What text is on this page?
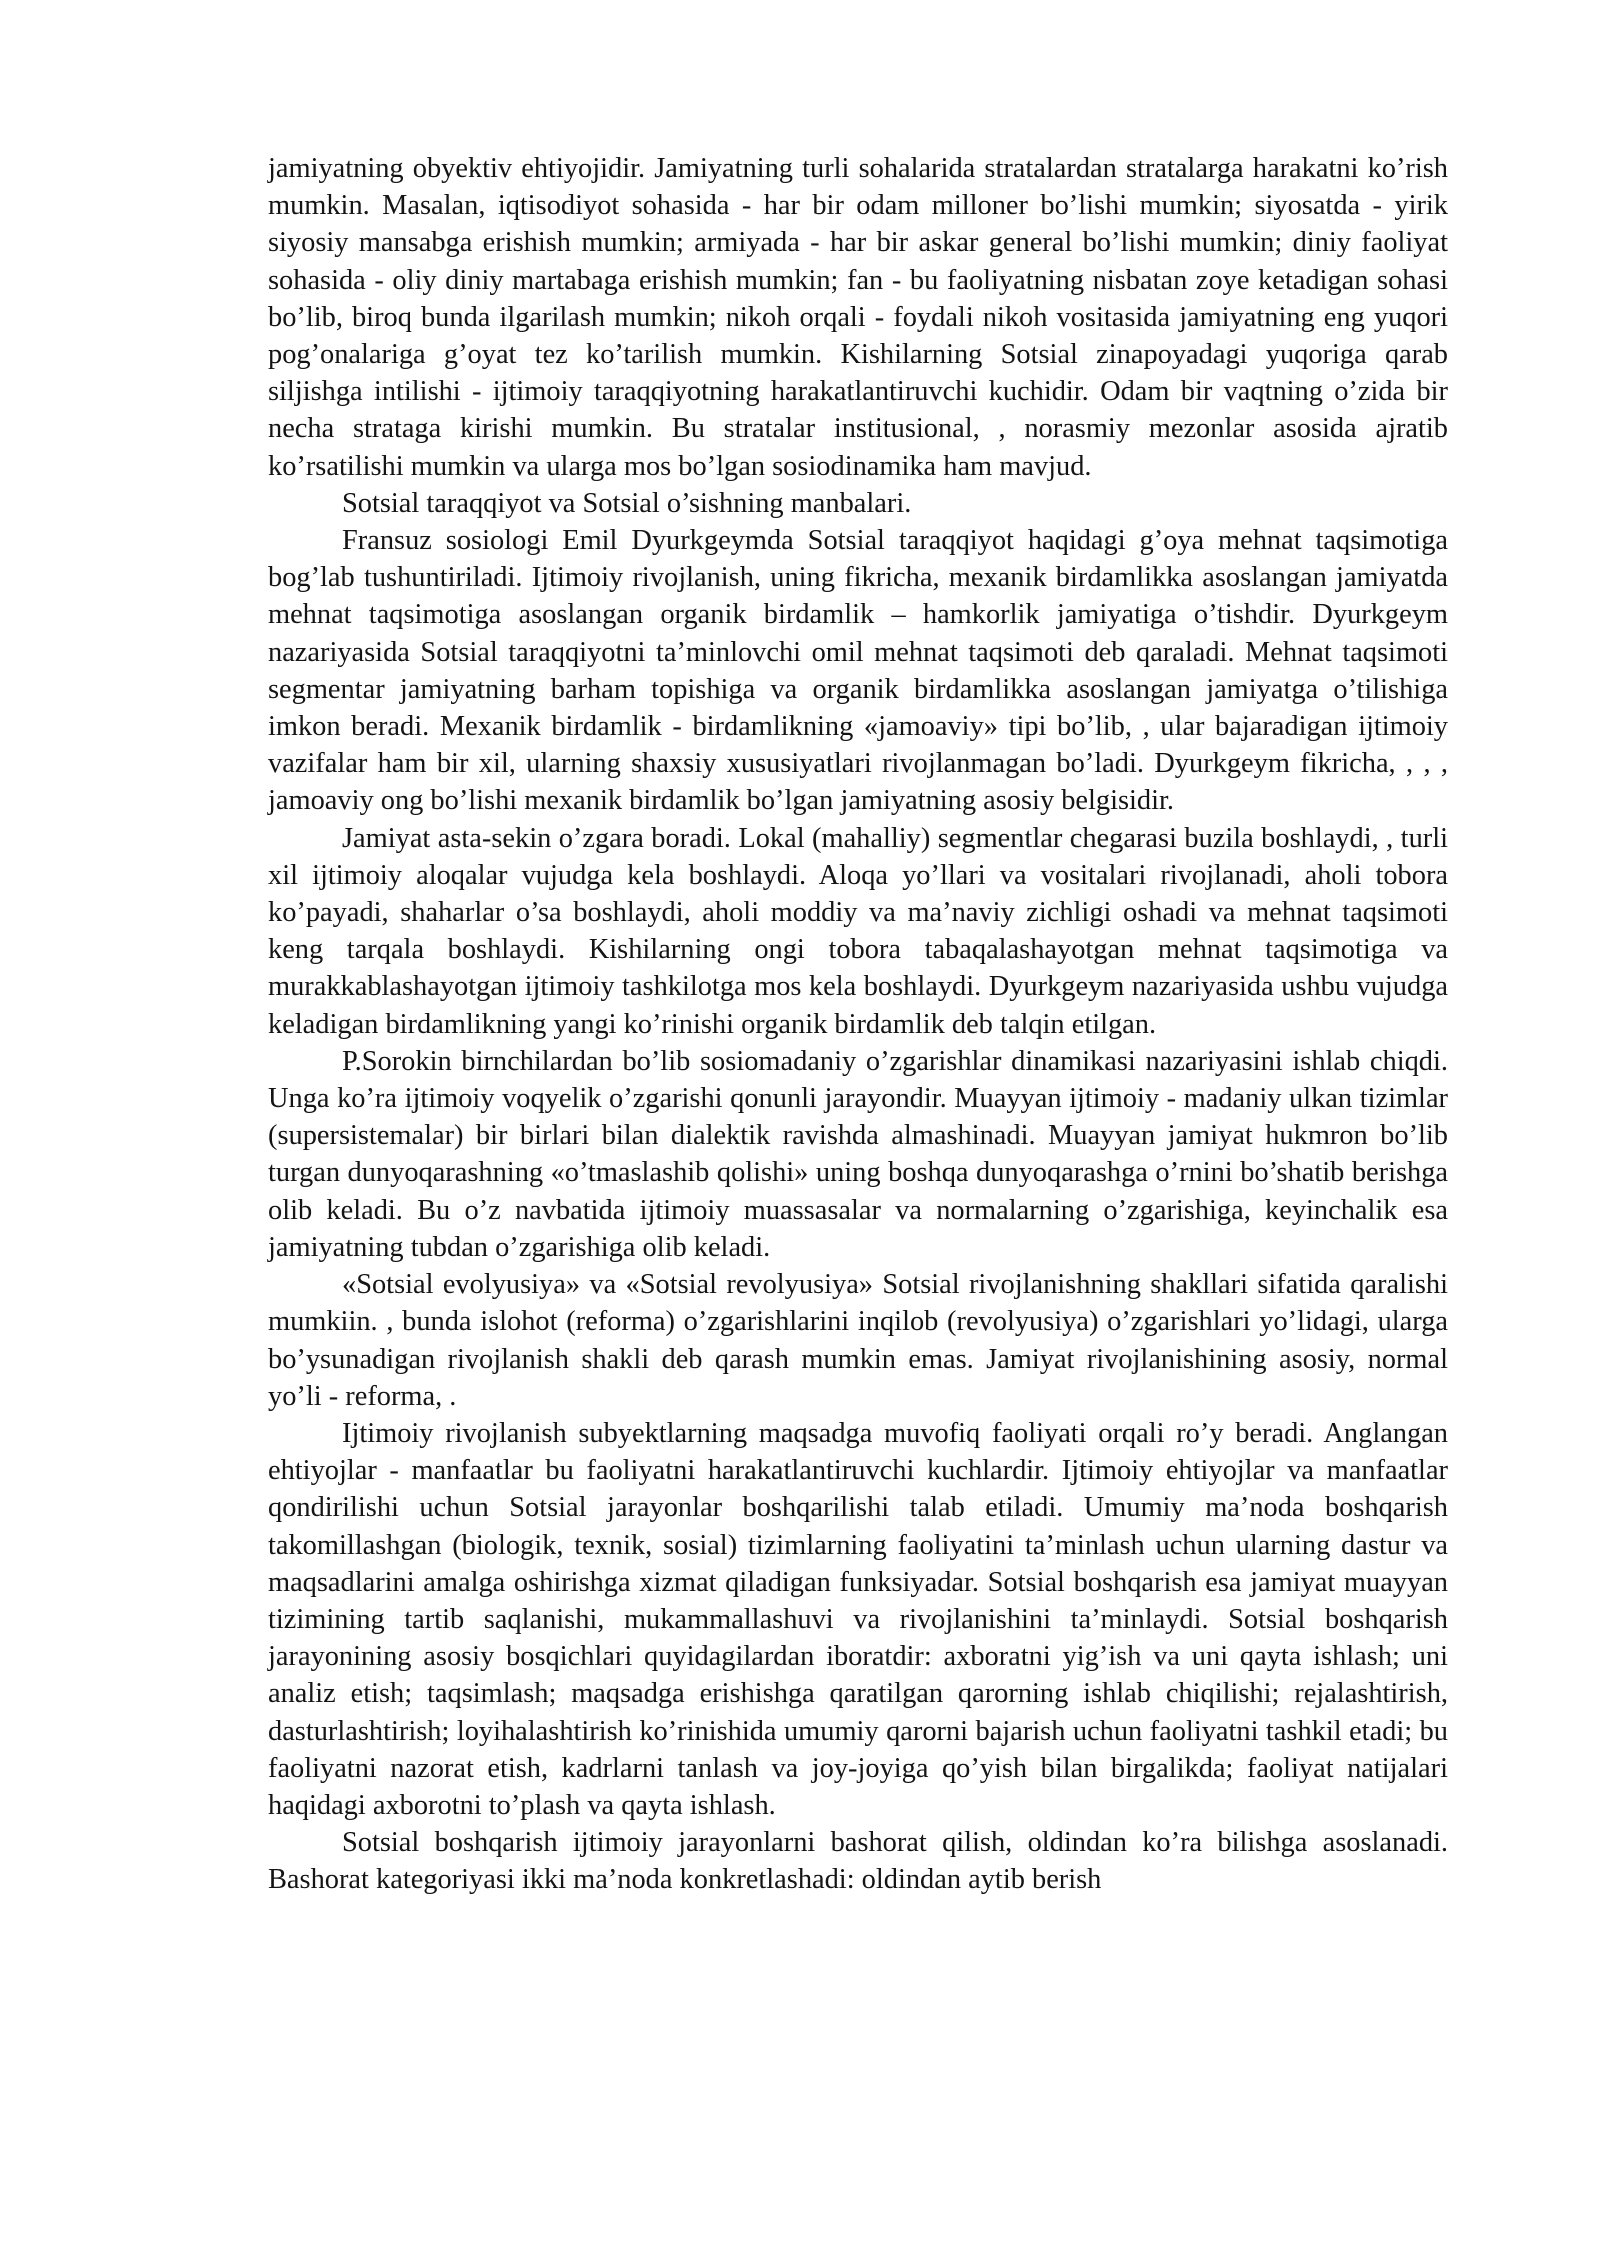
jamiyatning obyektiv ehtiyojidir. Jamiyatning turli sohalarida stratalardan stratalarga harakatni ko’rish mumkin. Masalan, iqtisodiyot sohasida - har bir odam milloner bo’lishi mumkin; siyosatda - yirik siyosiy mansabga erishish mumkin; armiyada - har bir askar general bo’lishi mumkin; diniy faoliyat sohasida - oliy diniy martabaga erishish mumkin; fan - bu faoliyatning nisbatan zoye ketadigan sohasi bo’lib, biroq bunda ilgarilash mumkin; nikoh orqali - foydali nikoh vositasida jamiyatning eng yuqori pog’onalariga g’oyat tez ko’tarilish mumkin. Kishilarning Sotsial zinapoyadagi yuqoriga qarab siljishga intilishi - ijtimoiy taraqqiyotning harakatlantiruvchi kuchidir. Odam bir vaqtning o’zida bir necha strataga kirishi mumkin. Bu stratalar institusional, , norasmiy mezonlar asosida ajratib ko’rsatilishi mumkin va ularga mos bo’lgan sosiodinamika ham mavjud.

Sotsial taraqqiyot va Sotsial o’sishning manbalari.

Fransuz sosiologi Emil Dyurkgeymda Sotsial taraqqiyot haqidagi g’oya mehnat taqsimotiga bog’lab tushuntiriladi. Ijtimoiy rivojlanish, uning fikricha, mexanik birdamlikka asoslangan jamiyatda mehnat taqsimotiga asoslangan organik birdamlik – hamkorlik jamiyatiga o’tishdir. Dyurkgeym nazariyasida Sotsial taraqqiyotni ta’minlovchi omil mehnat taqsimoti deb qaraladi. Mehnat taqsimoti segmentar jamiyatning barham topishiga va organik birdamlikka asoslangan jamiyatga o’tilishiga imkon beradi. Mexanik birdamlik - birdamlikning «jamoaviy» tipi bo’lib, , ular bajaradigan ijtimoiy vazifalar ham bir xil, ularning shaxsiy xususiyatlari rivojlanmagan bo’ladi. Dyurkgeym fikricha, , , , jamoaviy ong bo’lishi mexanik birdamlik bo’lgan jamiyatning asosiy belgisidir.

Jamiyat asta-sekin o’zgara boradi. Lokal (mahalliy) segmentlar chegarasi buzila boshlaydi, , turli xil ijtimoiy aloqalar vujudga kela boshlaydi. Aloqa yo’llari va vositalari rivojlanadi, aholi tobora ko’payadi, shaharlar o’sa boshlaydi, aholi moddiy va ma’naviy zichligi oshadi va mehnat taqsimoti keng tarqala boshlaydi. Kishilarning ongi tobora tabaqalashayotgan mehnat taqsimotiga va murakkablashayotgan ijtimoiy tashkilotga mos kela boshlaydi. Dyurkgeym nazariyasida ushbu vujudga keladigan birdamlikning yangi ko’rinishi organik birdamlik deb talqin etilgan.

P.Sorokin birnchilardan bo’lib sosiomadaniy o’zgarishlar dinamikasi nazariyasini ishlab chiqdi. Unga ko’ra ijtimoiy voqyelik o’zgarishi qonunli jarayondir. Muayyan ijtimoiy - madaniy ulkan tizimlar (supersistemalar) bir birlari bilan dialektik ravishda almashinadi. Muayyan jamiyat hukmron bo’lib turgan dunyoqarashning «o’tmaslashib qolishi» uning boshqa dunyoqarashga o’rnini bo’shatib berishga olib keladi. Bu o’z navbatida ijtimoiy muassasalar va normalarning o’zgarishiga, keyinchalik esa jamiyatning tubdan o’zgarishiga olib keladi.

«Sotsial evolyusiya» va «Sotsial revolyusiya» Sotsial rivojlanishning shakllari sifatida qaralishi mumkiin. , bunda islohot (reforma) o’zgarishlarini inqilob (revolyusiya) o’zgarishlari yo’lidagi, ularga bo’ysunadigan rivojlanish shakli deb qarash mumkin emas. Jamiyat rivojlanishining asosiy, normal yo’li - reforma, .

Ijtimoiy rivojlanish subyektlarning maqsadga muvofiq faoliyati orqali ro’y beradi. Anglangan ehtiyojlar - manfaatlar bu faoliyatni harakatlantiruvchi kuchlardir. Ijtimoiy ehtiyojlar va manfaatlar qondirilishi uchun Sotsial jarayonlar boshqarilishi talab etiladi. Umumiy ma’noda boshqarish takomillashgan (biologik, texnik, sosial) tizimlarning faoliyatini ta’minlash uchun ularning dastur va maqsadlarini amalga oshirishga xizmat qiladigan funksiyadar. Sotsial boshqarish esa jamiyat muayyan tizimining tartib saqlanishi, mukammallashuvi va rivojlanishini ta’minlaydi. Sotsial boshqarish jarayonining asosiy bosqichlari quyidagilardan iboratdir: axboratni yig’ish va uni qayta ishlash; uni analiz etish; taqsimlash; maqsadga erishishga qaratilgan qarorning ishlab chiqilishi; rejalashtirish, dasturlashtirish; loyihalashtirish ko’rinishida umumiy qarorni bajarish uchun faoliyatni tashkil etadi; bu faoliyatni nazorat etish, kadrlarni tanlash va joy-joyiga qo’yish bilan birgalikda; faoliyat natijalari haqidagi axborotni to’plash va qayta ishlash.

Sotsial boshqarish ijtimoiy jarayonlarni bashorat qilish, oldindan ko’ra bilishga asoslanadi. Bashorat kategoriyasi ikki ma’noda konkretlashadi: oldindan aytib berish
